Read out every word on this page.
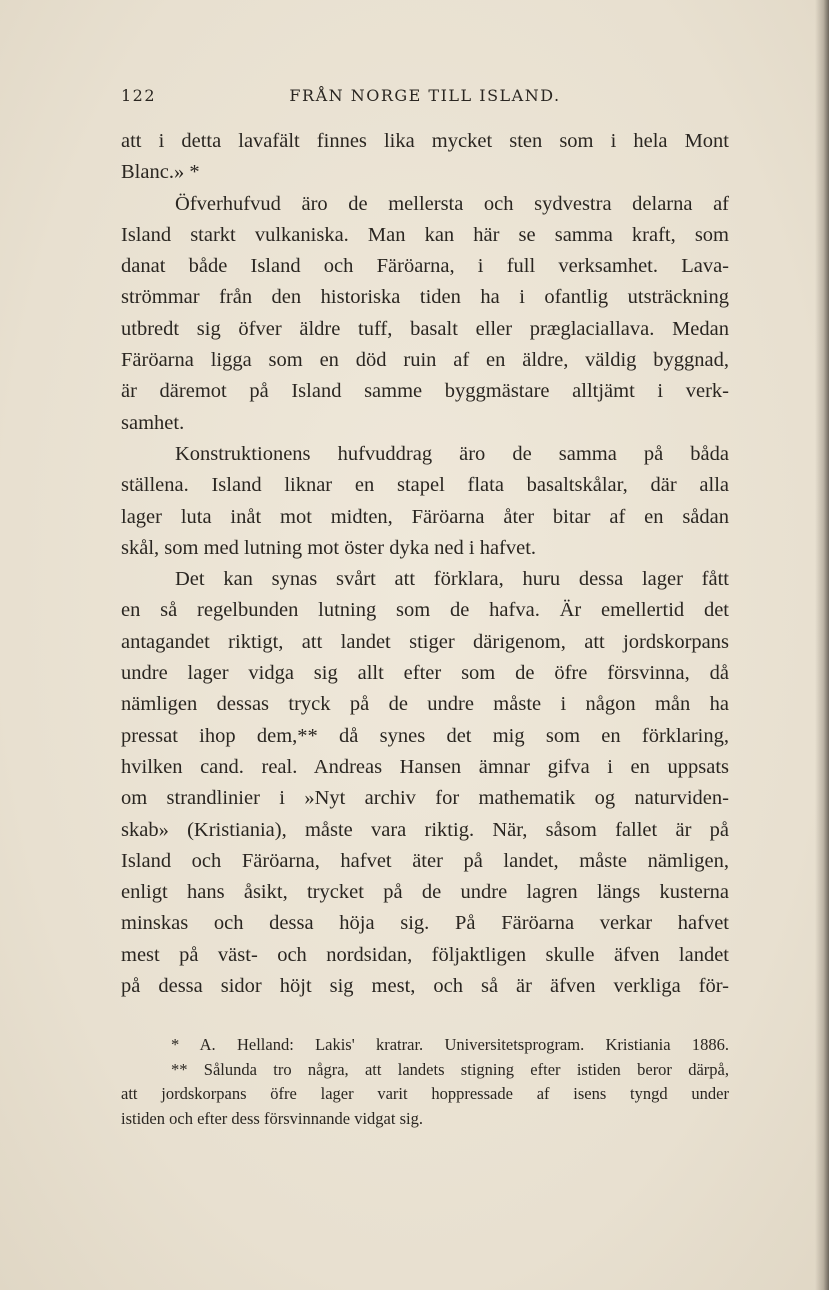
122	FRÅN NORGE TILL ISLAND.
att i detta lavafält finnes lika mycket sten som i hela Mont
Blanc.» *
Öfverhufvud äro de mellersta och sydvestra delarna af
Island starkt vulkaniska. Man kan här se samma kraft, som
danat både Island och Färöarna, i full verksamhet. Lava-
strömmar från den historiska tiden ha i ofantlig utsträckning
utbredt sig öfver äldre tuff, basalt eller præglaciallava. Medan
Färöarna ligga som en död ruin af en äldre, väldig byggnad,
är däremot på Island samme byggmästare alltjämt i verk-
samhet.
Konstruktionens hufvuddrag äro de samma på båda
ställena. Island liknar en stapel flata basaltskålar, där alla
lager luta inåt mot midten, Färöarna åter bitar af en sådan
skål, som med lutning mot öster dyka ned i hafvet.
Det kan synas svårt att förklara, huru dessa lager fått
en så regelbunden lutning som de hafva. Är emellertid det
antagandet riktigt, att landet stiger därigenom, att jordskorpans
undre lager vidga sig allt efter som de öfre försvinna, då
nämligen dessas tryck på de undre måste i någon mån ha
pressat ihop dem,** då synes det mig som en förklaring,
hvilken cand. real. Andreas Hansen ämnar gifva i en uppsats
om strandlinier i »Nyt archiv for mathematik og naturviden-
skab» (Kristiania), måste vara riktig. När, såsom fallet är på
Island och Färöarna, hafvet äter på landet, måste nämligen,
enligt hans åsikt, trycket på de undre lagren längs kusterna
minskas och dessa höja sig. På Färöarna verkar hafvet
mest på väst- och nordsidan, följaktligen skulle äfven landet
på dessa sidor höjt sig mest, och så är äfven verkliga för-
* A. Helland: Lakis' kratrar. Universitetsprogram. Kristiania 1886.
** Sålunda tro några, att landets stigning efter istiden beror därpå,
att jordskorpans öfre lager varit hoppressade af isens tyngd under
istiden och efter dess försvinnande vidgat sig.
